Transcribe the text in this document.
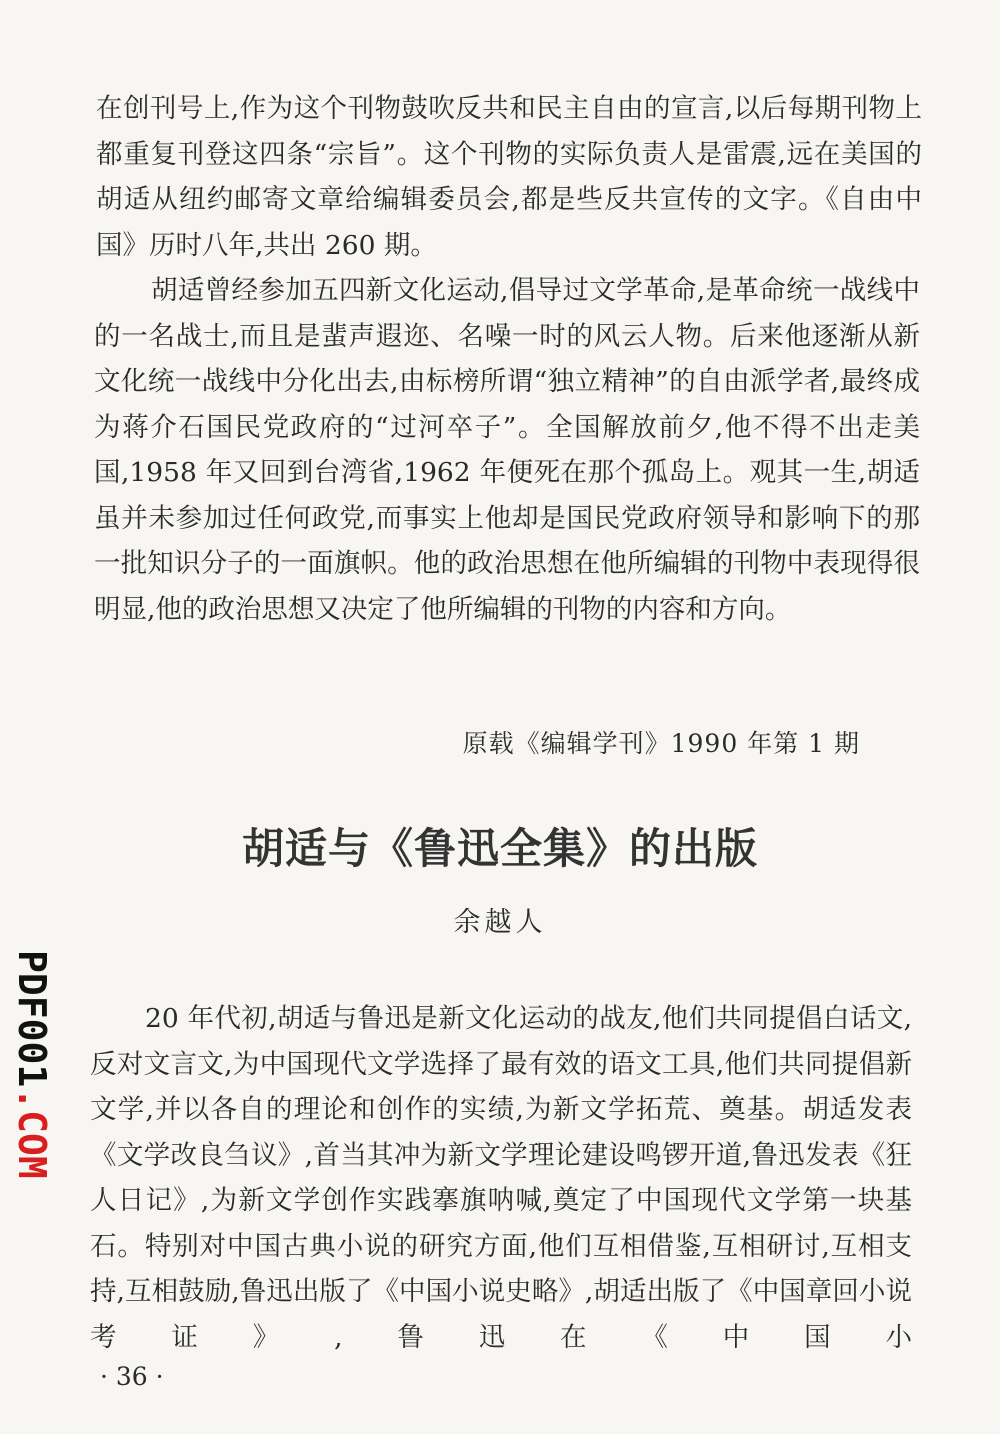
在创刊号上,作为这个刊物鼓吹反共和民主自由的宣言,以后每期刊物上都重复刊登这四条“宗旨”。这个刊物的实际负责人是雷震,远在美国的胡适从纽约邮寄文章给编辑委员会,都是些反共宣传的文字。《自由中国》历时八年,共出 260 期。

胡适曾经参加五四新文化运动,倡导过文学革命,是革命统一战线中的一名战士,而且是蜚声遐迩、名噪一时的风云人物。后来他逐渐从新文化统一战线中分化出去,由标榜所谓“独立精神”的自由派学者,最终成为蒋介石国民党政府的“过河卒子”。全国解放前夕,他不得不出走美国,1958 年又回到台湾省,1962 年便死在那个孤岛上。观其一生,胡适虽并未参加过任何政党,而事实上他却是国民党政府领导和影响下的那一批知识分子的一面旗帜。他的政治思想在他所编辑的刊物中表现得很明显,他的政治思想又决定了他所编辑的刊物的内容和方向。

原载《编辑学刊》1990 年第 1 期

胡适与《鲁迅全集》的出版

余越人

20 年代初,胡适与鲁迅是新文化运动的战友,他们共同提倡白话文,反对文言文,为中国现代文学选择了最有效的语文工具,他们共同提倡新文学,并以各自的理论和创作的实绩,为新文学拓荒、奠基。胡适发表《文学改良刍议》,首当其冲为新文学理论建设鸣锣开道,鲁迅发表《狂人日记》,为新文学创作实践搴旗呐喊,奠定了中国现代文学第一块基石。特别对中国古典小说的研究方面,他们互相借鉴,互相研讨,互相支持,互相鼓励,鲁迅出版了《中国小说史略》,胡适出版了《中国章回小说考证》,鲁迅在《中国小

· 36 ·

PDF001.COM
